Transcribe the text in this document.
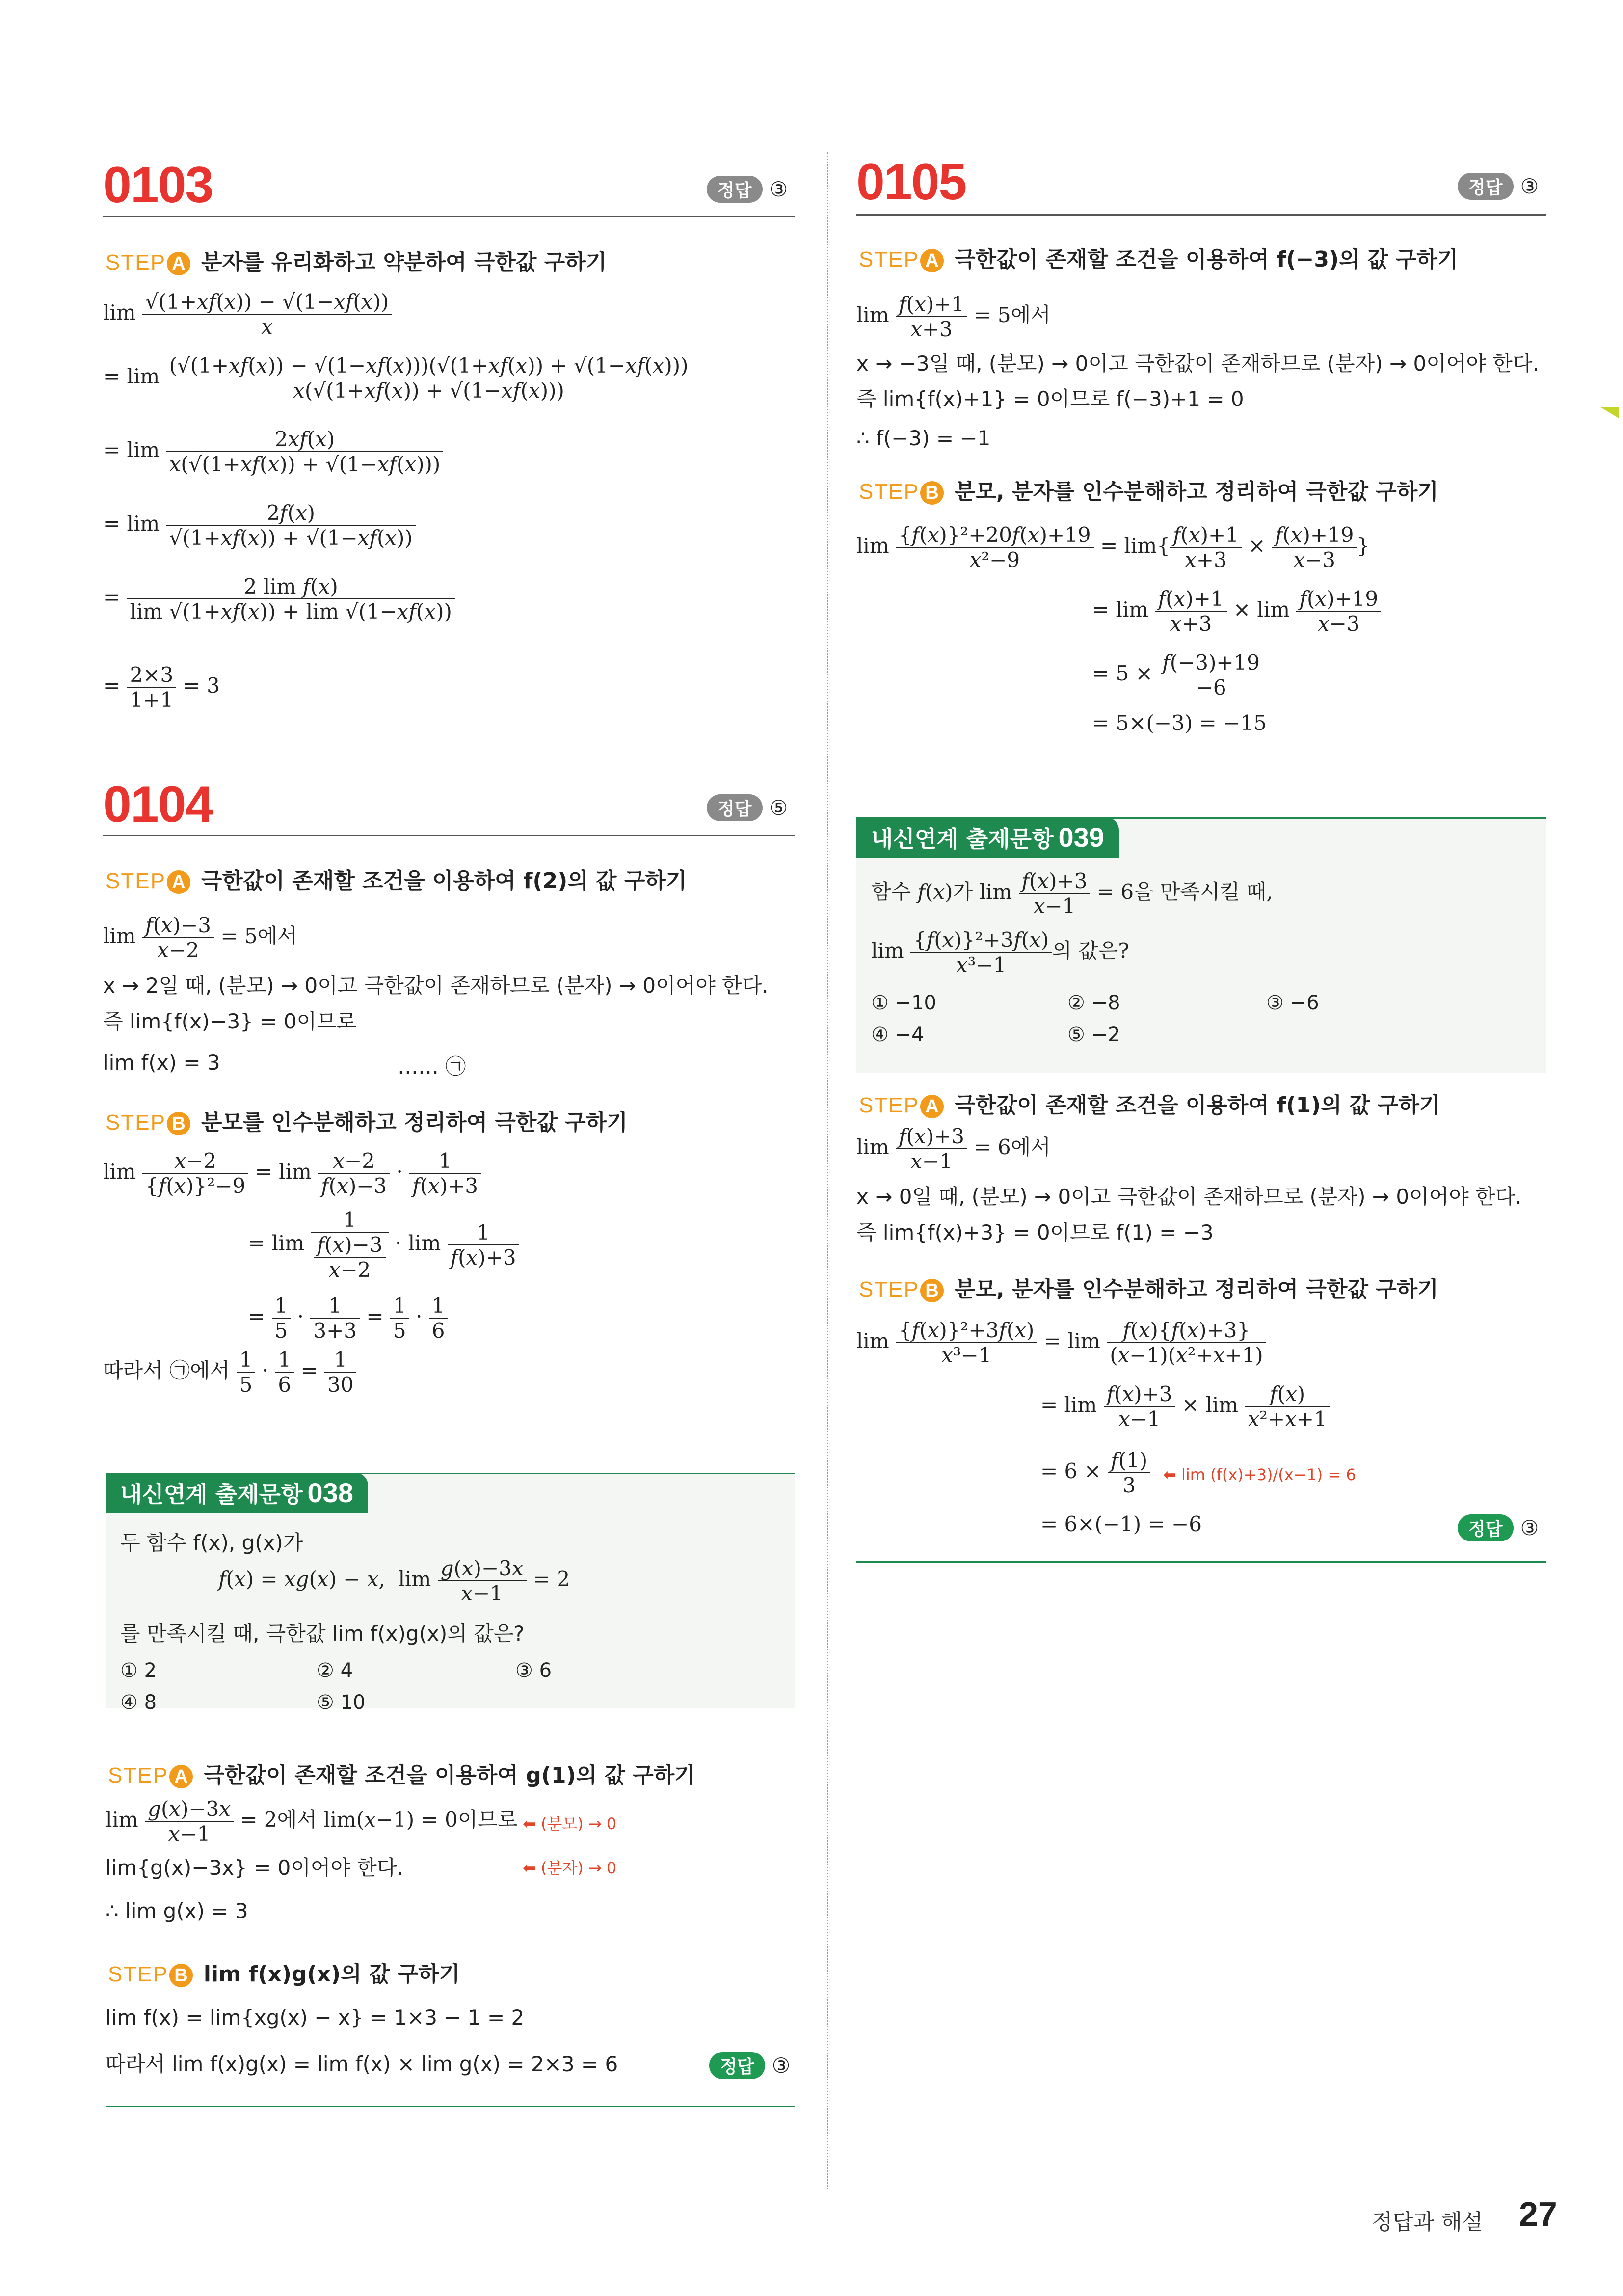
0103	정답 ③
STEP A 분자를 유리화하고 약분하여 극한값 구하기
$\lim \frac{√(1+xf(x)) - √(1-xf(x))}{x}$
= $\lim \frac{(√(1+xf(x)) - √(1-xf(x)))(√(1+xf(x)) + √(1-xf(x)))}{x(√(1+xf(x)) + √(1-xf(x)))}$
= $\lim \frac{2xf(x)}{x(√(1+xf(x)) + √(1-xf(x)))}$
= $\lim \frac{2f(x)}{√(1+xf(x)) + √(1-xf(x))}$
= $\frac{\text{2 lim f(x)}}{\lim √(1+xf(x)) + \lim √(1-xf(x))}$
= $\frac{2\times 3}{1+1} = 3$
0104	정답 ⑤
STEP A 극한값이 존재할 조건을 이용하여 f(2)의 값 구하기
$\lim \frac{f(x)-3}{x-2} = 5$에서
x → 2일 때, (분모) → 0이고 극한값이 존재하므로 (분자) → 0이어야 한다.
즉 lim{f(x)−3} = 0이므로
lim f(x) = 3	…… ㉠
STEP B 분모를 인수분해하고 정리하여 극한값 구하기
$\lim \frac{x-2}{\text{\{f(x)\}²−9}} = \lim \frac{x-2}{f(x)-3} \cdot \frac{1}{f(x)+3}$
= $\lim \frac{1}{\frac{f(x)-3}{x-2}} \cdot \lim \frac{1}{f(x)+3}$
= $\frac{1}{5} \cdot \frac{1}{3+3} = \frac{1}{5} \cdot \frac{1}{6}$
따라서 ㉠에서 $\frac{1}{5} \cdot \frac{1}{6} = \frac{1}{30}$
내신연계 출제문항 038
두 함수 f(x), g(x)가
f(x) = xg(x) − x,  $\lim \frac{g(x)-3x}{x-1} = 2$
를 만족시킬 때, 극한값 lim f(x)g(x)의 값은?
① 2	② 4	③ 6
④ 8	⑤ 10
STEP A 극한값이 존재할 조건을 이용하여 g(1)의 값 구하기
$\lim \frac{g(x)-3x}{x-1} = 2$에서 lim(x−1) = 0이므로 ⬅ (분모) → 0
lim{g(x)−3x} = 0이어야 한다.	⬅ (분자) → 0
∴ lim g(x) = 3
STEP B lim f(x)g(x)의 값 구하기
lim f(x) = lim{xg(x) − x} = 1×3 − 1 = 2
따라서 lim f(x)g(x) = lim f(x) × lim g(x) = 2×3 = 6	정답 ③
0105	정답 ③
STEP A 극한값이 존재할 조건을 이용하여 f(−3)의 값 구하기
$\lim \frac{f(x)+1}{x+3} = 5$에서
x → −3일 때, (분모) → 0이고 극한값이 존재하므로 (분자) → 0이어야 한다.
즉 lim{f(x)+1} = 0이므로 f(−3)+1 = 0
∴ f(−3) = −1
STEP B 분모, 분자를 인수분해하고 정리하여 극한값 구하기
$\lim \frac{\text{\{f(x)\}²+20f(x)+19}}{\text{x²−9}} = \lim\{ \frac{f(x)+1}{x+3} \times \frac{f(x)+19}{x-3}$ }
= $\lim \frac{f(x)+1}{x+3} \times \lim \frac{f(x)+19}{x-3}$
= $5 \times \frac{f(-3)+19}{-6}$
= 5×(−3) = −15
내신연계 출제문항 039
함수 f(x)가 $\lim \frac{f(x)+3}{x-1} = 6$을 만족시킬 때,
$\lim \frac{\text{\{f(x)\}²+3f(x)}}{\text{x³−1}}$ 의 값은?
① −10	② −8	③ −6
④ −4	⑤ −2
STEP A 극한값이 존재할 조건을 이용하여 f(1)의 값 구하기
$\lim \frac{f(x)+3}{x-1} = 6$에서
x → 0일 때, (분모) → 0이고 극한값이 존재하므로 (분자) → 0이어야 한다.
즉 lim{f(x)+3} = 0이므로 f(1) = −3
STEP B 분모, 분자를 인수분해하고 정리하여 극한값 구하기
$\lim \frac{\text{\{f(x)\}²+3f(x)}}{\text{x³−1}} = \lim \frac{f(x)\{f(x)+3\}}{\text{(x−1)(x²+x+1)}}$
= $\lim \frac{f(x)+3}{x-1} \times \lim \frac{f(x)}{\text{x²+x+1}}$
= $6 \times \frac{f(1)}{3}$ ⬅ lim (f(x)+3)/(x−1) = 6
= 6×(−1) = −6	정답 ③
정답과 해설 27
